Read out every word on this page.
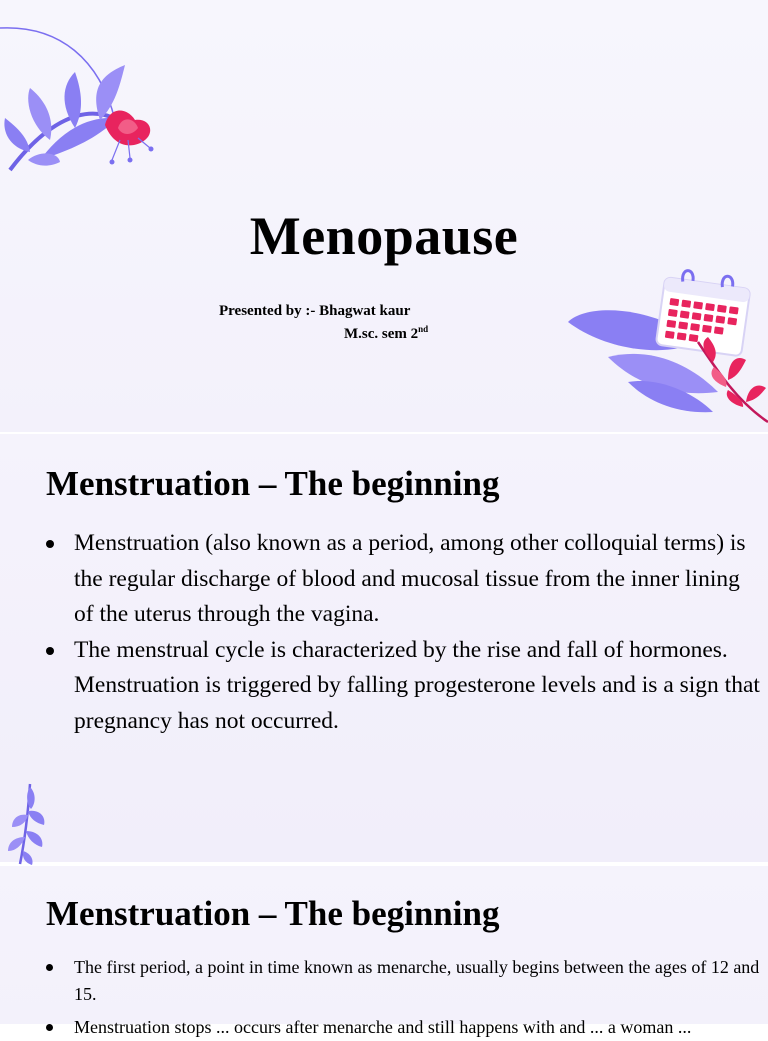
Menopause
Presented by :- Bhagwat kaur
M.sc. sem 2nd
Menstruation – The beginning
Menstruation (also known as a period, among other colloquial terms) is the regular discharge of blood and mucosal tissue from the inner lining of the uterus through the vagina.
The menstrual cycle is characterized by the rise and fall of hormones. Menstruation is triggered by falling progesterone levels and is a sign that pregnancy has not occurred.
Menstruation – The beginning
The first period, a point in time known as menarche, usually begins between the ages of 12 and 15.
Menstruation stops ... occurs after menarche and still happens with and ... a woman ...
